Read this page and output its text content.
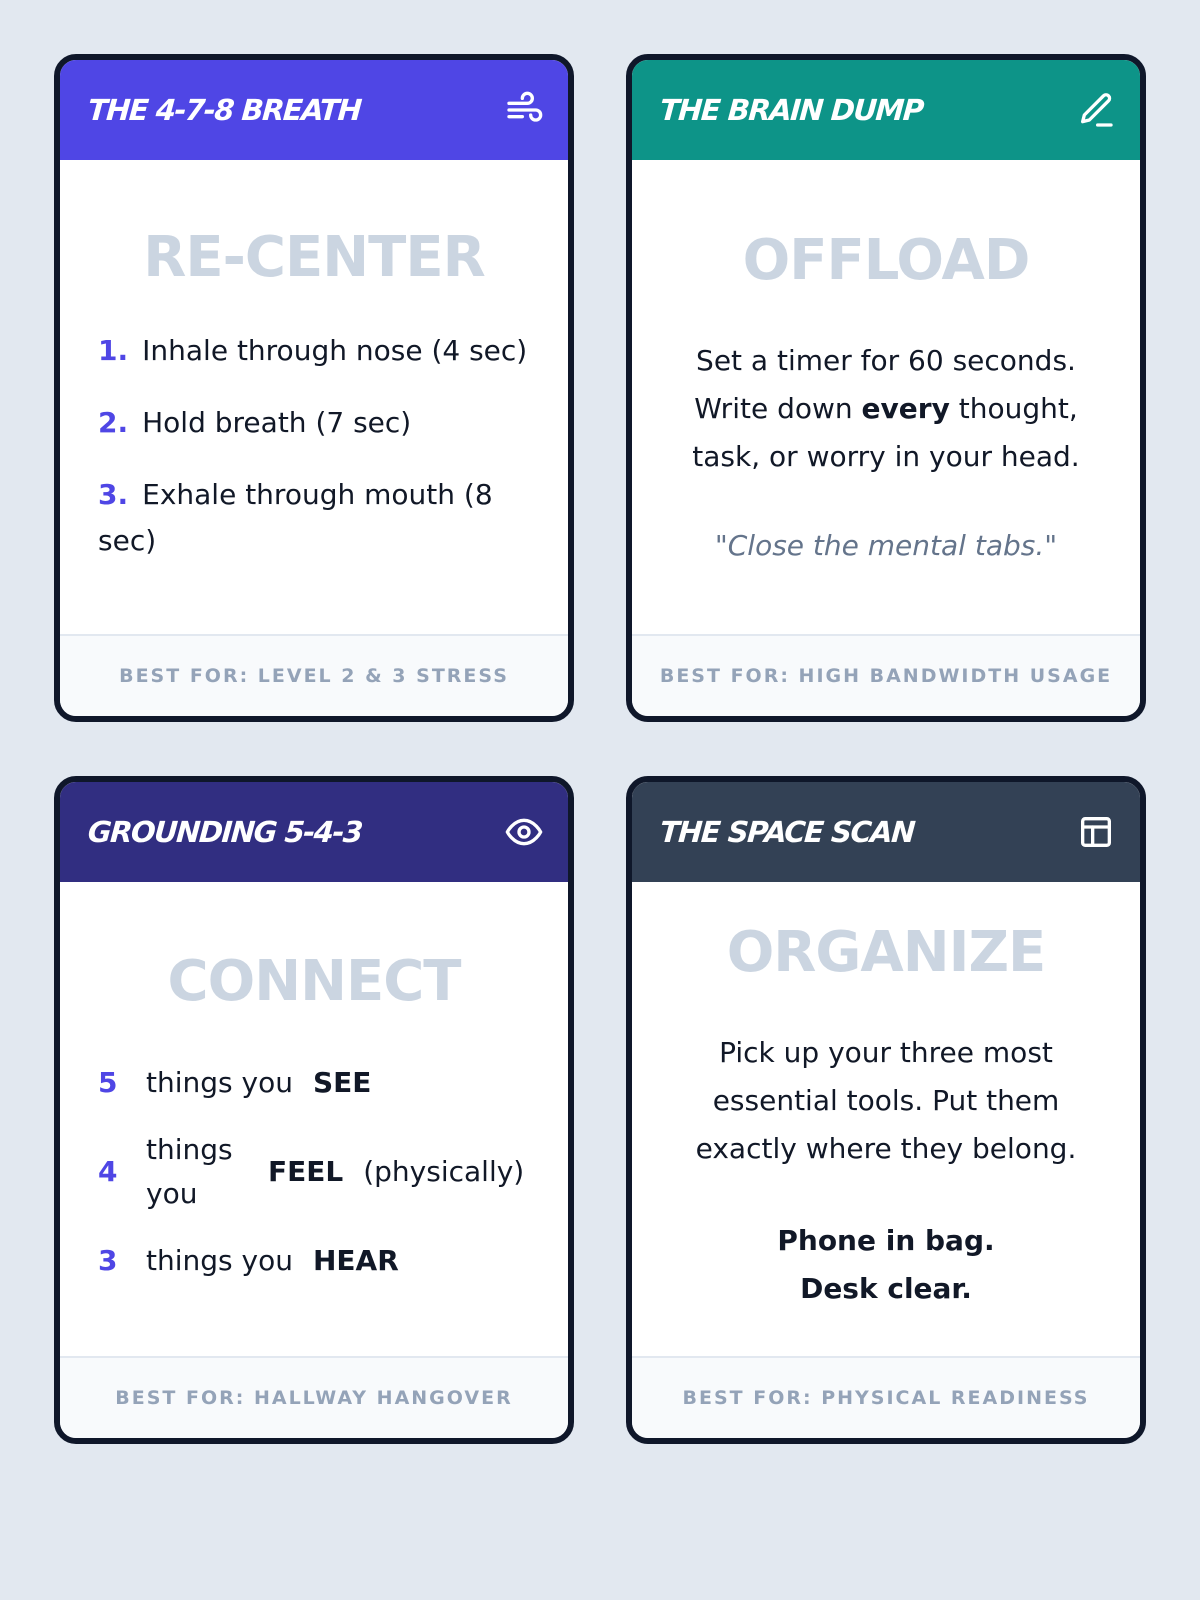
THE 4-7-8 BREATH
RE-CENTER
1. Inhale through nose (4 sec)
2. Hold breath (7 sec)
3. Exhale through mouth (8 sec)
BEST FOR: LEVEL 2 & 3 STRESS
THE BRAIN DUMP
OFFLOAD

Set a timer for 60 seconds. Write down every thought, task, or worry in your head.

"Close the mental tabs."

BEST FOR: HIGH BANDWIDTH USAGE
GROUNDING 5-4-3
CONNECT
5	things you SEE
4
things you
FEEL (physically)
3	things you HEAR
BEST FOR: HALLWAY HANGOVER
THE SPACE SCAN
ORGANIZE

Pick up your three most essential tools. Put them exactly where they belong.

Phone in bag.
Desk clear.
BEST FOR: PHYSICAL READINESS
